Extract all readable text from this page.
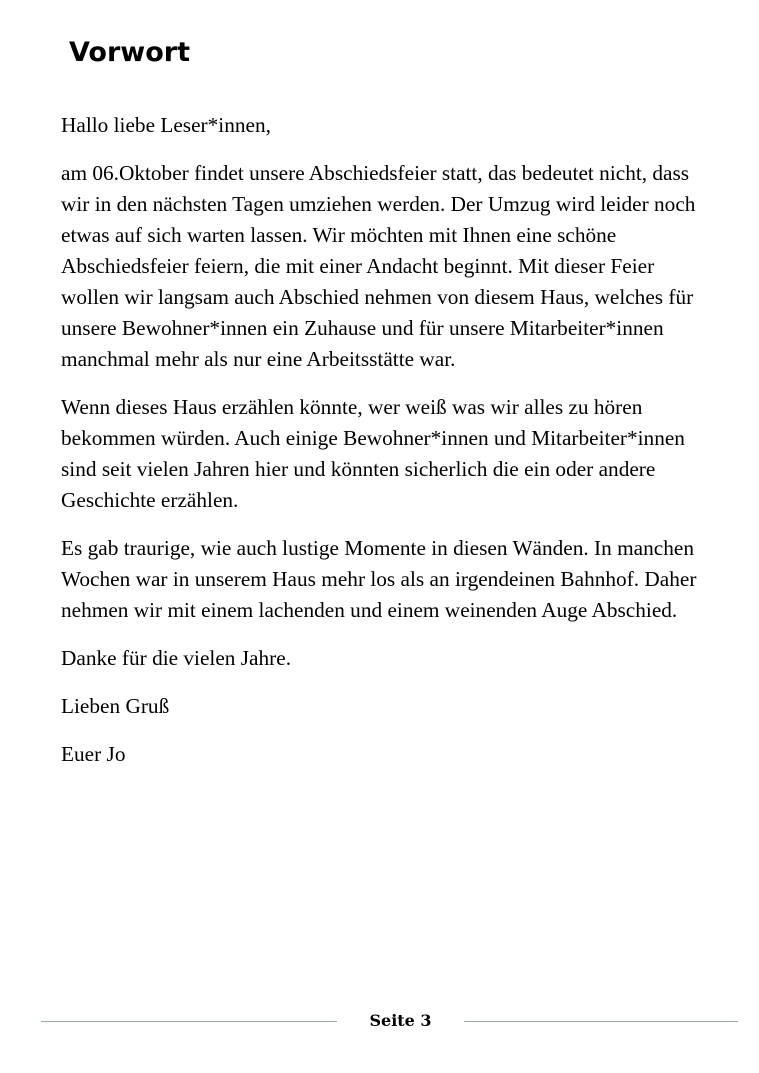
Vorwort

Hallo liebe Leser*innen,

am 06.Oktober findet unsere Abschiedsfeier statt, das bedeutet nicht, dass wir in den nächsten Tagen umziehen werden. Der Umzug wird leider noch etwas auf sich warten lassen. Wir möchten mit Ihnen eine schöne Abschiedsfeier feiern, die mit einer Andacht beginnt. Mit dieser Feier wollen wir langsam auch Abschied nehmen von diesem Haus, welches für unsere Bewohner*innen ein Zuhause und für unsere Mitarbeiter*innen manchmal mehr als nur eine Arbeitsstätte war.

Wenn dieses Haus erzählen könnte, wer weiß was wir alles zu hören bekommen würden. Auch einige Bewohner*innen und Mitarbeiter*innen sind seit vielen Jahren hier und könnten sicherlich die ein oder andere Geschichte erzählen.

Es gab traurige, wie auch lustige Momente in diesen Wänden. In manchen Wochen war in unserem Haus mehr los als an irgendeinen Bahnhof. Daher nehmen wir mit einem lachenden und einem weinenden Auge Abschied.

Danke für die vielen Jahre.

Lieben Gruß

Euer Jo

Seite 3
